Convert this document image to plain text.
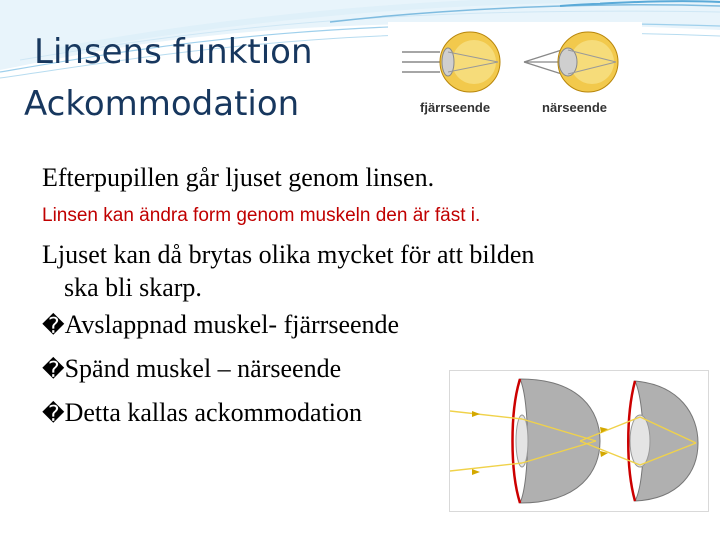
Linsens funktion
Ackommodation	fjärrseende	närseende

Efterpupillen går ljuset genom linsen.

Linsen kan ändra form genom muskeln den är fäst i.

Ljuset kan då brytas olika mycket för att bilden
ska bli skarp.

�Avslappnad muskel- fjärrseende

�Spänd muskel – närseende

�Detta kallas ackommodation
